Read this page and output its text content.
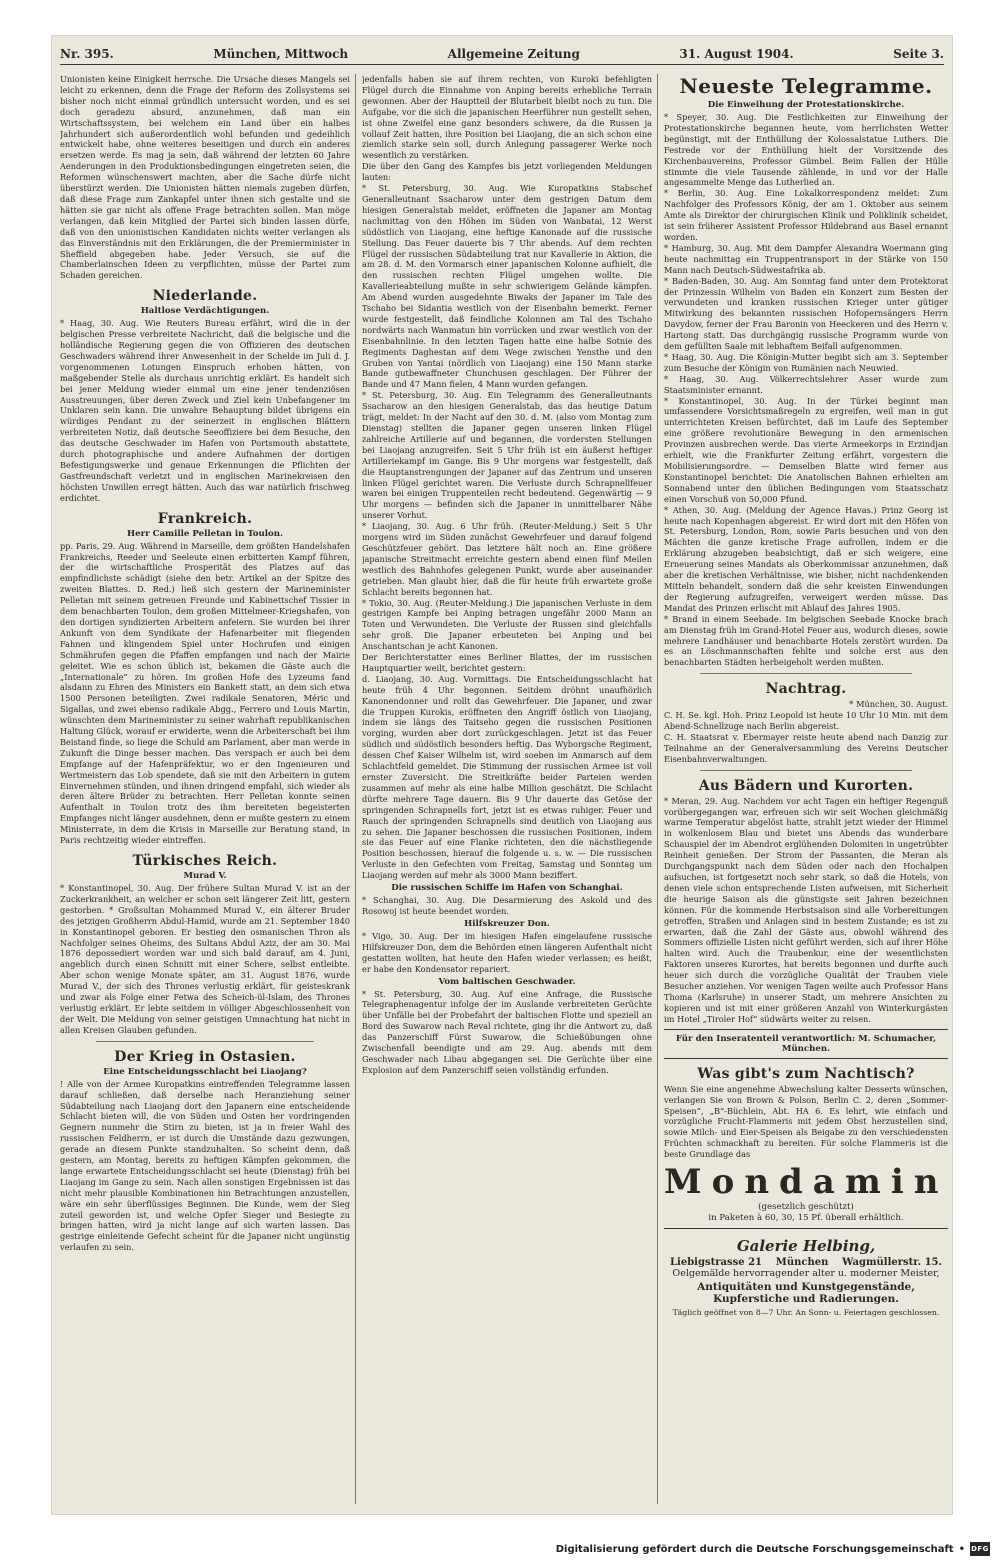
Nr. 395.	München, Mittwoch	Allgemeine Zeitung	31. August 1904.	Seite 3.

Unionisten keine Einigkeit herrsche. Die Ursache dieses Mangels sei leicht zu erkennen, denn die Frage der Reform des Zollsystems sei bisher noch nicht einmal gründlich untersucht worden, und es sei doch geradezu absurd, anzunehmen, daß man ein Wirtschaftssystem, bei welchem ein Land über ein halbes Jahrhundert sich außerordentlich wohl befunden und gedeihlich entwickelt habe, ohne weiteres beseitigen und durch ein anderes ersetzen werde. Es mag ja sein, daß während der letzten 60 Jahre Aenderungen in den Produktionsbedingungen eingetreten seien, die Reformen wünschenswert machten, aber die Sache dürfe nicht überstürzt werden. Die Unionisten hätten niemals zugeben dürfen, daß diese Frage zum Zankapfel unter ihnen sich gestalte und sie hätten sie gar nicht als offene Frage betrachten sollen. Man möge verlangen, daß kein Mitglied der Partei sich binden lassen dürfe, daß von den unionistischen Kandidaten nichts weiter verlangen als das Einverständnis mit den Erklärungen, die der Premierminister in Sheffield abgegeben habe. Jeder Versuch, sie auf die Chamberlainschen Ideen zu verpflichten, müsse der Partei zum Schaden gereichen.

Niederlande.
Haltlose Verdächtigungen.

* Haag, 30. Aug. Wie Reuters Bureau erfährt, wird die in der belgischen Presse verbreitete Nachricht, daß die belgische und die holländische Regierung gegen die von Offizieren des deutschen Geschwaders während ihrer Anwesenheit in der Schelde im Juli d. J. vorgenommenen Lotungen Einspruch erhoben hätten, von maßgebender Stelle als durchaus unrichtig erklärt. Es handelt sich bei jener Meldung wieder einmal um eine jener tendenziösen Ausstreuungen, über deren Zweck und Ziel kein Unbefangener im Unklaren sein kann. Die unwahre Behauptung bildet übrigens ein würdiges Pendant zu der seinerzeit in englischen Blättern verbreiteten Notiz, daß deutsche Seeoffiziere bei dem Besuche, den das deutsche Geschwader im Hafen von Portsmouth abstattete, durch photographische und andere Aufnahmen der dortigen Befestigungswerke und genaue Erkennungen die Pflichten der Gastfreundschaft verletzt und in englischen Marinekreisen den höchsten Unwillen erregt hätten. Auch das war natürlich frischweg erdichtet.

Frankreich.
Herr Camille Pelletan in Toulon.

pp. Paris, 29. Aug. Während in Marseille, dem größten Handelshafen Frankreichs, Reeder und Seeleute einen erbitterten Kampf führen, der die wirtschaftliche Prosperität des Platzes auf das empfindlichste schädigt (siehe den betr. Artikel an der Spitze des zweiten Blattes. D. Red.) ließ sich gestern der Marineminister Pelletan mit seinem getreuen Freunde und Kabinettschef Tissier in dem benachbarten Toulon, dem großen Mittelmeer-Kriegshafen, von den dortigen syndizierten Arbeitern anfeiern. Sie wurden bei ihrer Ankunft von dem Syndikate der Hafenarbeiter mit fliegenden Fahnen und klingendem Spiel unter Hochrufen und einigen Schmährufen gegen die Pfaffen empfangen und nach der Mairie geleitet. Wie es schon üblich ist, bekamen die Gäste auch die „Internationale“ zu hören. Im großen Hofe des Lyzeums fand alsdann zu Ehren des Ministers ein Bankett statt, an dem sich etwa 1500 Personen beteiligten. Zwei radikale Senatoren, Méric und Sigallas, und zwei ebenso radikale Abgg., Ferrero und Louis Martin, wünschten dem Marineminister zu seiner wahrhaft republikanischen Haltung Glück, worauf er erwiderte, wenn die Arbeiterschaft bei ihm Beistand finde, so liege die Schuld am Parlament, aber man werde in Zukunft die Dinge besser machen. Das verspach er auch bei dem Empfange auf der Hafenpräfektur, wo er den Ingenieuren und Wertmeistern das Lob spendete, daß sie mit den Arbeitern in gutem Einvernehmen stünden, und ihnen dringend empfahl, sich wieder als deren ältere Brüder zu betrachten. Herr Pelletan konnte seinen Aufenthalt in Toulon trotz des ihm bereiteten begeisterten Empfanges nicht länger ausdehnen, denn er mußte gestern zu einem Ministerrate, in dem die Krisis in Marseille zur Beratung stand, in Paris rechtzeitig wieder eintreffen.

Türkisches Reich.
Murad V.

* Konstantinopel, 30. Aug. Der frühere Sultan Murad V. ist an der Zuckerkrankheit, an welcher er schon seit längerer Zeit litt, gestern gestorben. * Großsultan Mohammed Murad V., ein älterer Bruder des jetzigen Großherrn Abdul-Hamid, wurde am 21. September 1840 in Konstantinopel geboren. Er bestieg den osmanischen Thron als Nachfolger seines Oheims, des Sultans Abdul Aziz, der am 30. Mai 1876 depossediert worden war und sich bald darauf, am 4. Juni, angeblich durch einen Schnitt mit einer Schere, selbst entleibte. Aber schon wenige Monate später, am 31. August 1876, wurde Murad V., der sich des Thrones verlustig erklärt, für geisteskrank und zwar als Folge einer Fetwa des Scheich-ül-Islam, des Thrones verlustig erklärt. Er lebte seitdem in völliger Abgeschlossenheit von der Welt. Die Meldung von seiner geistigen Umnachtung hat nicht in allen Kreisen Glauben gefunden.

Der Krieg in Ostasien.
Eine Entscheidungsschlacht bei Liaojang?

! Alle von der Armee Kuropatkins eintreffenden Telegramme lassen darauf schließen, daß derselbe nach Heranziehung seiner Südabteilung nach Liaojang dort den Japanern eine entscheidende Schlacht bieten will, die von Süden und Osten her vordringenden Gegnern nunmehr die Stirn zu bieten, ist ja in freier Wahl des russischen Feldherrn, er ist durch die Umstände dazu gezwungen, gerade an diesem Punkte standzuhalten. So scheint denn, daß gestern, am Montag, bereits zu heftigen Kämpfen gekommen, die lange erwartete Entscheidungsschlacht sei heute (Dienstag) früh bei Liaojang im Gange zu sein. Nach allen sonstigen Ergebnissen ist das nicht mehr plausible Kombinationen hin Betrachtungen anzustellen, wäre ein sehr überflüssiges Beginnen. Die Kunde, wem der Sieg zuteil geworden ist, und welche Opfer Sieger und Besiegte zu bringen hatten, wird ja nicht lange auf sich warten lassen. Das gestrige einleitende Gefecht scheint für die Japaner nicht ungünstig verlaufen zu sein.

jedenfalls haben sie auf ihrem rechten, von Kuroki befehligten Flügel durch die Einnahme von Anping bereits erhebliche Terrain gewonnen. Aber der Hauptteil der Blutarbeit bleibt noch zu tun. Die Aufgabe, vor die sich die japanischen Heerführer nun gestellt sehen, ist ohne Zweifel eine ganz besonders schwere, da die Russen ja vollauf Zeit hatten, ihre Position bei Liaojang, die an sich schon eine ziemlich starke sein soll, durch Anlegung passagerer Werke noch wesentlich zu verstärken.

Die über den Gang des Kampfes bis jetzt vorliegenden Meldungen lauten:

* St. Petersburg, 30. Aug. Wie Kuropatkins Stabschef Generalleutnant Ssacharow unter dem gestrigen Datum dem hiesigen Generalstab meldet, eröffneten die Japaner am Montag nachmittag von den Höhen im Süden von Wanbatai, 12 Werst südöstlich von Liaojang, eine heftige Kanonade auf die russische Stellung. Das Feuer dauerte bis 7 Uhr abends. Auf dem rechten Flügel der russischen Südabteilung trat nur Kavallerie in Aktion, die am 28. d. M. den Vormarsch einer japanischen Kolonne aufhielt, die den russischen rechten Flügel umgehen wollte. Die Kavallerieabteilung mußte in sehr schwierigem Gelände kämpfen. Am Abend wurden ausgedehnte Biwaks der Japaner im Tale des Tschaho bei Sidantia westlich von der Eisenbahn bemerkt. Ferner wurde festgestellt, daß feindliche Kolonnen am Tal des Tschaho nordwärts nach Wanmatun bin vorrücken und zwar westlich von der Eisenbahnlinie. In den letzten Tagen hatte eine halbe Sotnie des Regiments Daghestan auf dem Wege zwischen Yensthe und den Gruben von Yantai (nördlich von Liaojang) eine 150 Mann starke Bande gutbewaffneter Chunchusen geschlagen. Der Führer der Bande und 47 Mann fielen, 4 Mann wurden gefangen.

* St. Petersburg, 30. Aug. Ein Telegramm des Generalleutnants Ssacharow an den hiesigen Generalstab, das das heutige Datum trägt, meldet: In der Nacht auf den 30. d. M. (also vom Montag zum Dienstag) stellten die Japaner gegen unseren linken Flügel zahlreiche Artillerie auf und begannen, die vordersten Stellungen bei Liaojang anzugreifen. Seit 5 Uhr früh ist ein äußerst heftiger Artilleriekampf im Gange. Bis 9 Uhr morgens war festgestellt, daß die Hauptanstrengungen der Japaner auf das Zentrum und unseren linken Flügel gerichtet waren. Die Verluste durch Schrapnellfeuer waren bei einigen Truppenteilen recht bedeutend. Gegenwärtig — 9 Uhr morgens — befinden sich die Japaner in unmittelbarer Nähe unserer Vorhut.

* Liaojang, 30. Aug. 6 Uhr früh. (Reuter-Meldung.) Seit 5 Uhr morgens wird im Süden zunächst Gewehrfeuer und darauf folgend Geschützfeuer gehört. Das letztere hält noch an. Eine größere japanische Streitmacht erreichte gestern abend einen fünf Meilen westlich des Bahnhofes gelegenen Punkt, wurde aber auseinander getrieben. Man glaubt hier, daß die für heute früh erwartete große Schlacht bereits begonnen hat.

* Tokio, 30. Aug. (Reuter-Meldung.) Die japanischen Verluste in dem gestrigen Kampfe bei Anping betragen ungefähr 2000 Mann an Toten und Verwundeten. Die Verluste der Russen sind gleichfalls sehr groß. Die Japaner erbeuteten bei Anping und bei Anschantschan je acht Kanonen.

Der Berichterstatter eines Berliner Blattes, der im russischen Hauptquartier weilt, berichtet gestern:

d. Liaojang, 30. Aug. Vormittags. Die Entscheidungsschlacht hat heute früh 4 Uhr begonnen. Seitdem dröhnt unaufhörlich Kanonendonner und rollt das Gewehrfeuer. Die Japaner, und zwar die Truppen Kurokis, eröffneten den Angriff östlich von Liaojang, indem sie längs des Taitseho gegen die russischen Positionen vorging, wurden aber dort zurückgeschlagen. Jetzt ist das Feuer südlich und südöstlich besonders heftig. Das Wyborgsche Regiment, dessen Chef Kaiser Wilhelm ist, wird soeben im Anmarsch auf dem Schlachtfeld gemeldet. Die Stimmung der russischen Armee ist voll ernster Zuversicht. Die Streitkräfte beider Parteien werden zusammen auf mehr als eine halbe Million geschätzt. Die Schlacht dürfte mehrere Tage dauern. Bis 9 Uhr dauerte das Getöse der springenden Schrapnells fort, jetzt ist es etwas ruhiger. Feuer und Rauch der springenden Schrapnells sind deutlich von Liaojang aus zu sehen. Die Japaner beschossen die russischen Positionen, indem sie das Feuer auf eine Flanke richteten, den die nächstliegende Position beschossen, hierauf die folgende u. s. w. — Die russischen Verluste in den Gefechten vom Freitag, Samstag und Sonntag um Liaojang werden auf mehr als 3000 Mann beziffert.

Die russischen Schiffe im Hafen von Schanghai.

* Schanghai, 30. Aug. Die Desarmierung des Askold und des Rosowoj ist heute beendet worden.

Hilfskreuzer Don.

* Vigo, 30. Aug. Der im hiesigen Hafen eingelaufene russische Hilfskreuzer Don, dem die Behörden einen längeren Aufenthalt nicht gestatten wollten, hat heute den Hafen wieder verlassen; es heißt, er habe den Kondensator repariert.

Vom baltischen Geschwader.

* St. Petersburg, 30. Aug. Auf eine Anfrage, die Russische Telegraphenagentur infolge der im Auslande verbreiteten Gerüchte über Unfälle bei der Probefahrt der baltischen Flotte und speziell an Bord des Suwarow nach Reval richtete, ging ihr die Antwort zu, daß das Panzerschiff Fürst Suwarow, die Schießübungen ohne Zwischenfall beendigte und am 29. Aug. abends mit dem Geschwader nach Libau abgegangen sei. Die Gerüchte über eine Explosion auf dem Panzerschiff seien vollständig erfunden.

Neueste Telegramme.
Die Einweihung der Protestationskirche.

* Speyer, 30. Aug. Die Festlichkeiten zur Einweihung der Protestationskirche begannen heute, vom herrlichsten Wetter begünstigt, mit der Enthüllung der Kolossalstatue Luthers. Die Festrede vor der Enthüllung hielt der Vorsitzende des Kirchenbauvereins, Professor Gümbel. Beim Fallen der Hülle stimmte die viele Tausende zählende, in und vor der Halle angesammelte Menge das Lutherlied an.

* Berlin, 30. Aug. Eine Lokalkorrespondenz meldet: Zum Nachfolger des Professors König, der am 1. Oktober aus seinem Amte als Direktor der chirurgischen Klinik und Poliklinik scheidet, ist sein früherer Assistent Professor Hildebrand aus Basel ernannt worden.

* Hamburg, 30. Aug. Mit dem Dampfer Alexandra Woermann ging heute nachmittag ein Truppentransport in der Stärke von 150 Mann nach Deutsch-Südwestafrika ab.

* Baden-Baden, 30. Aug. Am Sonntag fand unter dem Protektorat der Prinzessin Wilhelm von Baden ein Konzert zum Besten der verwundeten und kranken russischen Krieger unter gütiger Mitwirkung des bekannten russischen Hofopernsängers Herrn Davydow, ferner der Frau Baronin von Heeckeren und des Herrn v. Hartong statt. Das durchgängig russische Programm wurde von dem gefüllten Saale mit lebhaftem Beifall aufgenommen.

* Haag, 30. Aug. Die Königin-Mutter begibt sich am 3. September zum Besuche der Königin von Rumänien nach Neuwied.

* Haag, 30. Aug. Völkerrechtslehrer Asser wurde zum Staatsminister ernannt.

* Konstantinopel, 30. Aug. In der Türkei beginnt man umfassendere Vorsichtsmaßregeln zu ergreifen, weil man in gut unterrichteten Kreisen befürchtet, daß im Laufe des September eine größere revolutionäre Bewegung in den armenischen Provinzen ausbrechen werde. Das vierte Armeekorps in Erzindjan erhielt, wie die Frankfurter Zeitung erfährt, vorgestern die Mobilisierungsordre. — Demselben Blatte wird ferner aus Konstantinopel berichtet: Die Anatolischen Bahnen erhielten am Sonnabend unter den üblichen Bedingungen vom Staatsschatz einen Vorschuß von 50,000 Pfund.

* Athen, 30. Aug. (Meldung der Agence Havas.) Prinz Georg ist heute nach Kopenhagen abgereist. Er wird dort mit den Höfen von St. Petersburg, London, Rom, sowie Paris besuchen und von den Mächten die ganze kretische Frage aufrollen, indem er die Erklärung abzugeben beabsichtigt, daß er sich weigere, eine Erneuerung seines Mandats als Oberkommissar anzunehmen, daß aber die kretischen Verhältnisse, wie bisher, nicht nachdenkenden Mitteln behandelt, sondern daß die sehr kreisten Einwendungen der Regierung aufzugreifen, verweigert werden müsse. Das Mandat des Prinzen erlischt mit Ablauf des Jahres 1905.

* Brand in einem Seebade. Im belgischen Seebade Knocke brach am Dienstag früh im Grand-Hotel Feuer aus, wodurch dieses, sowie mehrere Landhäuser und benachbarte Hotels zerstört wurden. Da es an Löschmannschaften fehlte und solche erst aus den benachbarten Städten herbeigeholt werden mußten.

Nachtrag.

* München, 30. August.

C. H. Se. kgl. Hoh. Prinz Leopold ist heute 10 Uhr 10 Min. mit dem Abend-Schnellzuge nach Berlin abgereist.

C. H. Staatsrat v. Ebermayer reiste heute abend nach Danzig zur Teilnahme an der Generalversammlung des Vereins Deutscher Eisenbahnverwaltungen.

Aus Bädern und Kurorten.

* Meran, 29. Aug. Nachdem vor acht Tagen ein heftiger Regenguß vorübergegangen war, erfreuen sich wir seit Wochen gleichmäßig warme Temperatur abgelöst hatte, strahlt jetzt wieder der Himmel in wolkenlosem Blau und bietet uns Abends das wunderbare Schauspiel der im Abendrot erglühenden Dolomiten in ungetrübter Reinheit genießen. Der Strom der Passanten, die Meran als Durchgangspunkt nach dem Süden oder nach den Hochalpen aufsuchen, ist fortgesetzt noch sehr stark, so daß die Hotels, von denen viele schon entsprechende Listen aufweisen, mit Sicherheit die heurige Saison als die günstigste seit Jahren bezeichnen können. Für die kommende Herbstsaison sind alle Vorbereitungen getroffen, Straßen und Anlagen sind in bestem Zustande; es ist zu erwarten, daß die Zahl der Gäste aus, obwohl während des Sommers offizielle Listen nicht geführt werden, sich auf ihrer Höhe halten wird. Auch die Traubenkur, eine der wesentlichsten Faktoren unseres Kurortes, hat bereits begonnen und durfte auch heuer sich durch die vorzügliche Qualität der Trauben viele Besucher anziehen. Vor wenigen Tagen weilte auch Professor Hans Thoma (Karlsruhe) in unserer Stadt, um mehrere Ansichten zu kopieren und ist mit einer größeren Anzahl von Winterkurgästen im Hotel „Tiroler Hof“ südwärts weiter zu reisen.

Für den Inseratenteil verantwortlich: M. Schumacher, München.
Was gibt's zum Nachtisch?

Wenn Sie eine angenehme Abwechslung kalter Desserts wünschen, verlangen Sie von Brown & Polson, Berlin C. 2, deren „Sommer-Speisen“, „B“-Büchlein, Abt. HA 6. Es lehrt, wie einfach und vorzügliche Frucht-Flammeris mit jedem Obst herzustellen sind, sowie Milch- und Eier-Speisen als Beigabe zu den verschiedensten Früchten schmackhaft zu bereiten. Für solche Flammeris ist die beste Grundlage das

Mondamin
(gesetzlich geschützt)
in Paketen à 60, 30, 15 Pf. überall erhältlich.
Galerie Helbing,
Liebigstrasse 21 München Wagmüllerstr. 15.
Oelgemälde hervorragender alter u. moderner Meister,
Antiquitäten und Kunstgegenstände,
Kupferstiche und Radierungen.
Täglich geöffnet von 8—7 Uhr. An Sonn- u. Feiertagen geschlossen.
Digitalisierung gefördert durch die Deutsche Forschungsgemeinschaft • DFG
